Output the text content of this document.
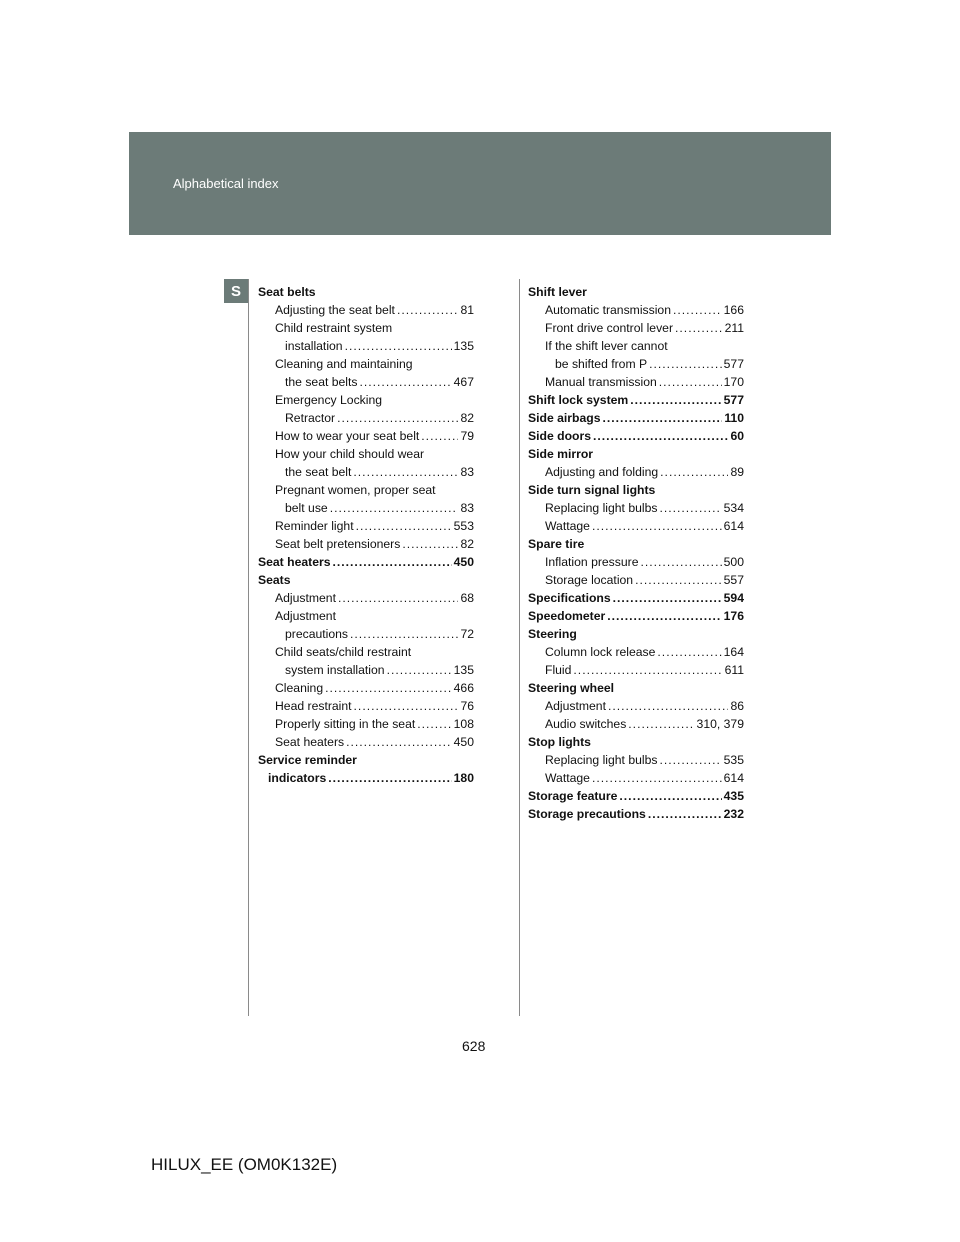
Alphabetical index
S	Seat belts
Adjusting the seat belt .....	81
Child restraint system
installation .....	135
Cleaning and maintaining
the seat belts .....	467
Emergency Locking
Retractor .....	82
How to wear your seat belt .....	79
How your child should wear
the seat belt .....	83
Pregnant women, proper seat
belt use .....	83
Reminder light .....	553
Seat belt pretensioners .....	82
Seat heaters .....	450
Seats
Adjustment .....	68
Adjustment
precautions .....	72
Child seats/child restraint
system installation .....	135
Cleaning .....	466
Head restraint .....	76
Properly sitting in the seat .....	108
Seat heaters .....	450
Service reminder
indicators .....	180
Shift lever
Automatic transmission .....	166
Front drive control lever .....	211
If the shift lever cannot
be shifted from P .....	577
Manual transmission .....	170
Shift lock system .....	577
Side airbags .....	110
Side doors .....	60
Side mirror
Adjusting and folding .....	89
Side turn signal lights
Replacing light bulbs .....	534
Wattage .....	614
Spare tire
Inflation pressure .....	500
Storage location .....	557
Specifications .....	594
Speedometer .....	176
Steering
Column lock release .....	164
Fluid .....	611
Steering wheel
Adjustment .....	86
Audio switches .....	310, 379
Stop lights
Replacing light bulbs .....	535
Wattage .....	614
Storage feature .....	435
Storage precautions .....	232
628
HILUX_EE (OM0K132E)
